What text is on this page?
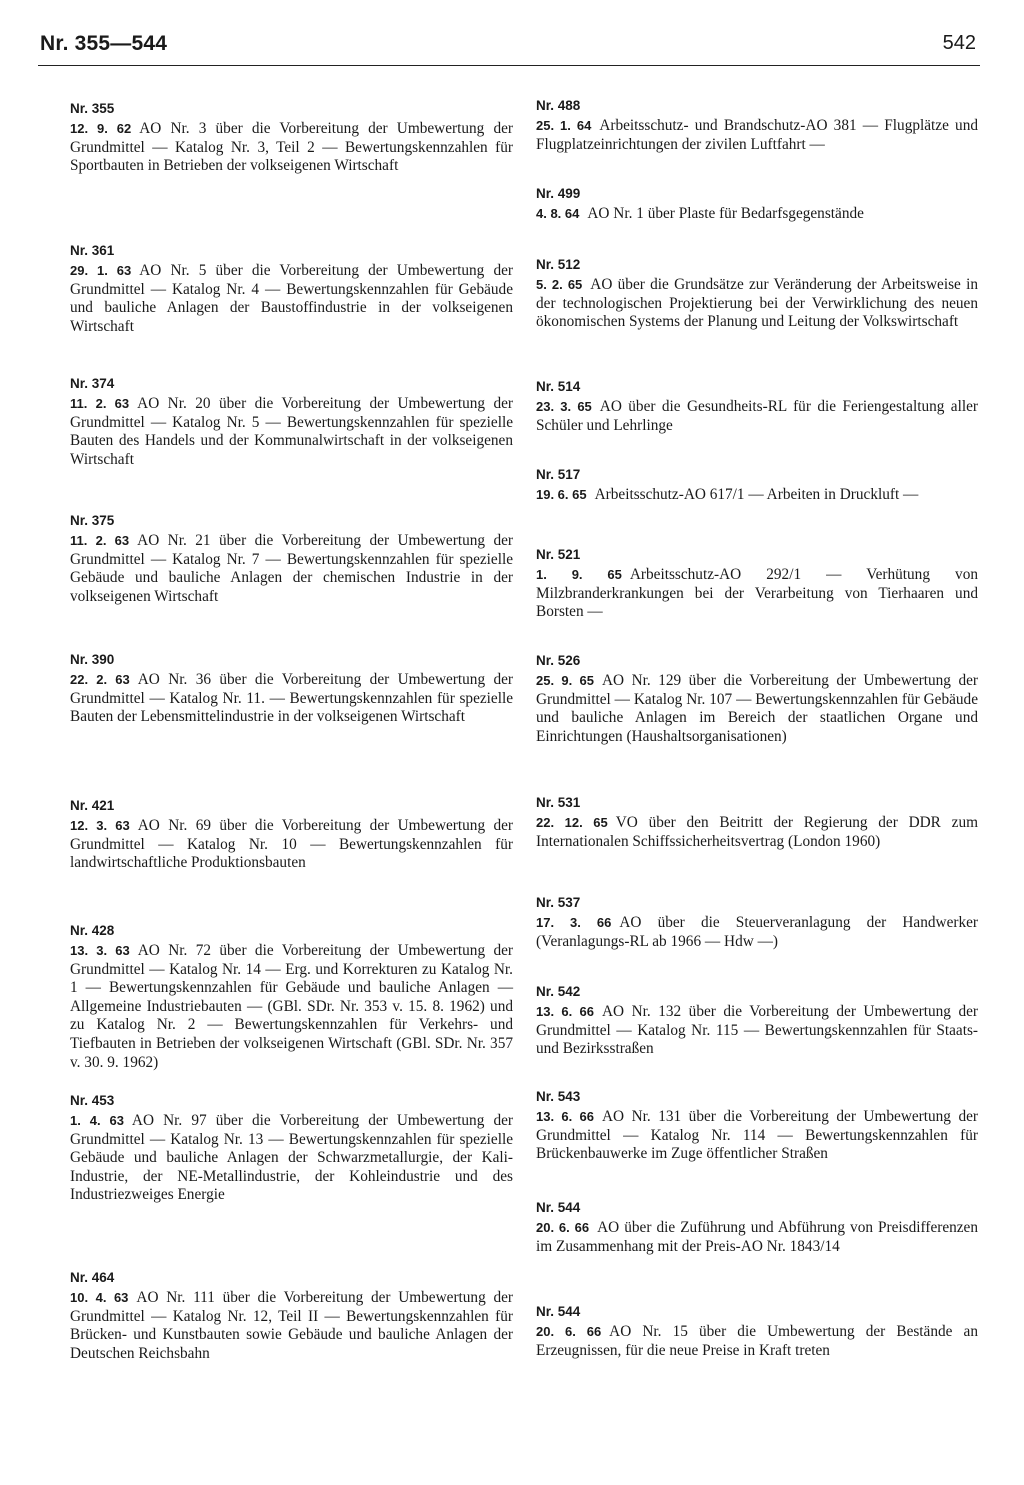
Nr. 355—544	542
Nr. 355
12. 9. 62 AO Nr. 3 über die Vorbereitung der Umbewertung der Grundmittel — Katalog Nr. 3, Teil 2 — Bewertungskennzahlen für Sportbauten in Betrieben der volkseigenen Wirtschaft
Nr. 361
29. 1. 63 AO Nr. 5 über die Vorbereitung der Umbewertung der Grundmittel — Katalog Nr. 4 — Bewertungskennzahlen für Gebäude und bauliche Anlagen der Baustoffindustrie in der volkseigenen Wirtschaft
Nr. 374
11. 2. 63 AO Nr. 20 über die Vorbereitung der Umbewertung der Grundmittel — Katalog Nr. 5 — Bewertungskennzahlen für spezielle Bauten des Handels und der Kommunalwirtschaft in der volkseigenen Wirtschaft
Nr. 375
11. 2. 63 AO Nr. 21 über die Vorbereitung der Umbewertung der Grundmittel — Katalog Nr. 7 — Bewertungskennzahlen für spezielle Gebäude und bauliche Anlagen der chemischen Industrie in der volkseigenen Wirtschaft
Nr. 390
22. 2. 63 AO Nr. 36 über die Vorbereitung der Umbewertung der Grundmittel — Katalog Nr. 11. — Bewertungskennzahlen für spezielle Bauten der Lebensmittelindustrie in der volkseigenen Wirtschaft
Nr. 421
12. 3. 63 AO Nr. 69 über die Vorbereitung der Umbewertung der Grundmittel — Katalog Nr. 10 — Bewertungskennzahlen für landwirtschaftliche Produktionsbauten
Nr. 428
13. 3. 63 AO Nr. 72 über die Vorbereitung der Umbewertung der Grundmittel — Katalog Nr. 14 — Erg. und Korrekturen zu Katalog Nr. 1 — Bewertungskennzahlen für Gebäude und bauliche Anlagen — Allgemeine Industriebauten — (GBl. SDr. Nr. 353 v. 15. 8. 1962) und zu Katalog Nr. 2 — Bewertungskennzahlen für Verkehrs- und Tiefbauten in Betrieben der volkseigenen Wirtschaft (GBl. SDr. Nr. 357 v. 30. 9. 1962)
Nr. 453
1. 4. 63 AO Nr. 97 über die Vorbereitung der Umbewertung der Grundmittel — Katalog Nr. 13 — Bewertungskennzahlen für spezielle Gebäude und bauliche Anlagen der Schwarzmetallurgie, der Kali-Industrie, der NE-Metallindustrie, der Kohleindustrie und des Industriezweiges Energie
Nr. 464
10. 4. 63 AO Nr. 111 über die Vorbereitung der Umbewertung der Grundmittel — Katalog Nr. 12, Teil II — Bewertungskennzahlen für Brücken- und Kunstbauten sowie Gebäude und bauliche Anlagen der Deutschen Reichsbahn
Nr. 488
25. 1. 64 Arbeitsschutz- und Brandschutz-AO 381 — Flugplätze und Flugplatzeinrichtungen der zivilen Luftfahrt —
Nr. 499
4. 8. 64 AO Nr. 1 über Plaste für Bedarfsgegenstände
Nr. 512
5. 2. 65 AO über die Grundsätze zur Veränderung der Arbeitsweise in der technologischen Projektierung bei der Verwirklichung des neuen ökonomischen Systems der Planung und Leitung der Volkswirtschaft
Nr. 514
23. 3. 65 AO über die Gesundheits-RL für die Feriengestaltung aller Schüler und Lehrlinge
Nr. 517
19. 6. 65 Arbeitsschutz-AO 617/1 — Arbeiten in Druckluft —
Nr. 521
1. 9. 65 Arbeitsschutz-AO 292/1 — Verhütung von Milzbranderkrankungen bei der Verarbeitung von Tierhaaren und Borsten —
Nr. 526
25. 9. 65 AO Nr. 129 über die Vorbereitung der Umbewertung der Grundmittel — Katalog Nr. 107 — Bewertungskennzahlen für Gebäude und bauliche Anlagen im Bereich der staatlichen Organe und Einrichtungen (Haushaltsorganisationen)
Nr. 531
22. 12. 65 VO über den Beitritt der Regierung der DDR zum Internationalen Schiffssicherheitsvertrag (London 1960)
Nr. 537
17. 3. 66 AO über die Steuerveranlagung der Handwerker (Veranlagungs-RL ab 1966 — Hdw —)
Nr. 542
13. 6. 66 AO Nr. 132 über die Vorbereitung der Umbewertung der Grundmittel — Katalog Nr. 115 — Bewertungskennzahlen für Staats- und Bezirksstraßen
Nr. 543
13. 6. 66 AO Nr. 131 über die Vorbereitung der Umbewertung der Grundmittel — Katalog Nr. 114 — Bewertungskennzahlen für Brückenbauwerke im Zuge öffentlicher Straßen
Nr. 544
20. 6. 66 AO über die Zuführung und Abführung von Preisdifferenzen im Zusammenhang mit der Preis-AO Nr. 1843/14
Nr. 544
20. 6. 66 AO Nr. 15 über die Umbewertung der Bestände an Erzeugnissen, für die neue Preise in Kraft treten
